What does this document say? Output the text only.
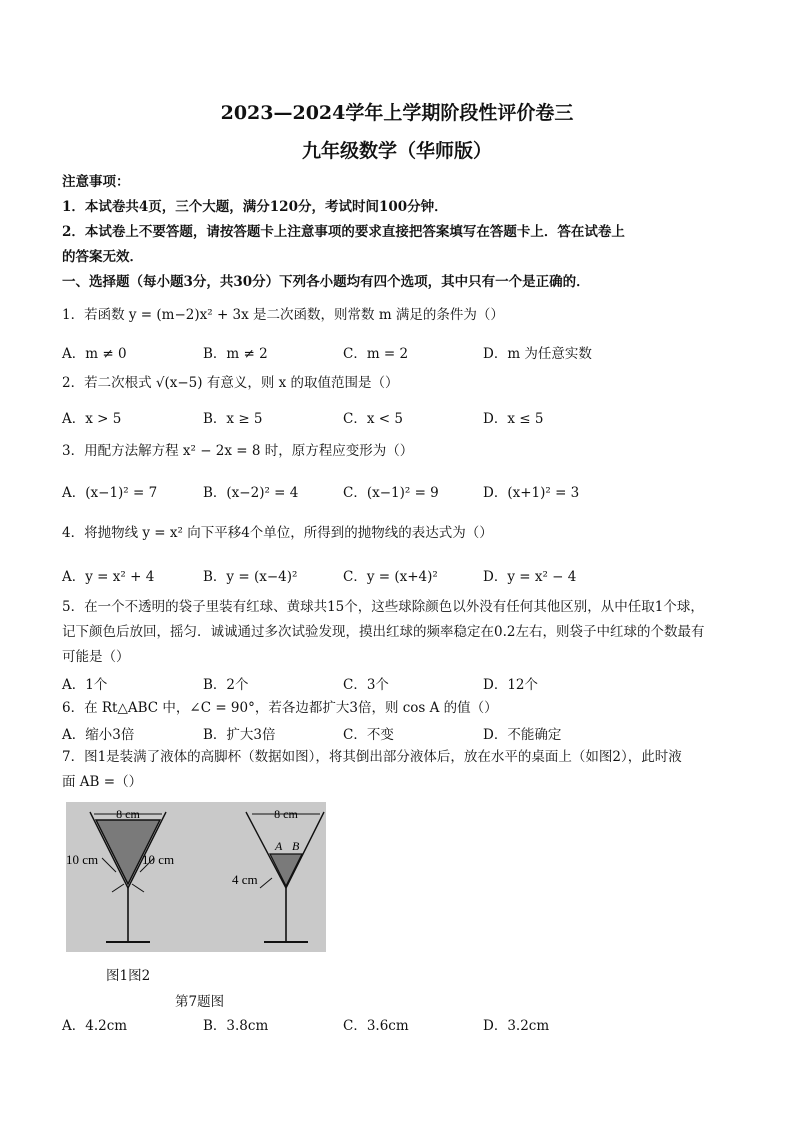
2023—2024学年上学期阶段性评价卷三
九年级数学（华师版）
注意事项：
1．本试卷共4页，三个大题，满分120分，考试时间100分钟．
2．本试卷上不要答题，请按答题卡上注意事项的要求直接把答案填写在答题卡上．答在试卷上
的答案无效．
一、选择题（每小题3分，共30分）下列各小题均有四个选项，其中只有一个是正确的．
1．若函数 y = (m−2)x² + 3x 是二次函数，则常数 m 满足的条件为（）
A．m ≠ 0	B．m ≠ 2	C．m = 2	D．m 为任意实数
2．若二次根式 √(x−5) 有意义，则 x 的取值范围是（）
A．x > 5	B．x ≥ 5	C．x < 5	D．x ≤ 5
3．用配方法解方程 x² − 2x = 8 时，原方程应变形为（）
A．(x−1)² = 7	B．(x−2)² = 4	C．(x−1)² = 9	D．(x+1)² = 3
4．将抛物线 y = x² 向下平移4个单位，所得到的抛物线的表达式为（）
A．y = x² + 4	B．y = (x−4)²	C．y = (x+4)²	D．y = x² − 4
5．在一个不透明的袋子里装有红球、黄球共15个，这些球除颜色以外没有任何其他区别，从中任取1个球，
记下颜色后放回，摇匀．诚诚通过多次试验发现，摸出红球的频率稳定在0.2左右，则袋子中红球的个数最有
可能是（）
A．1个	B．2个	C．3个	D．12个
6．在 Rt△ABC 中，∠C = 90°，若各边都扩大3倍，则 cos A 的值（）
A．缩小3倍	B．扩大3倍	C．不变	D．不能确定
7．图1是装满了液体的高脚杯（数据如图），将其倒出部分液体后，放在水平的桌面上（如图2），此时液
面 AB =（）
8 cm
10 cm	10 cm
8 cm
A B
4 cm
图1图2
第7题图
A．4.2cm	B．3.8cm	C．3.6cm	D．3.2cm
